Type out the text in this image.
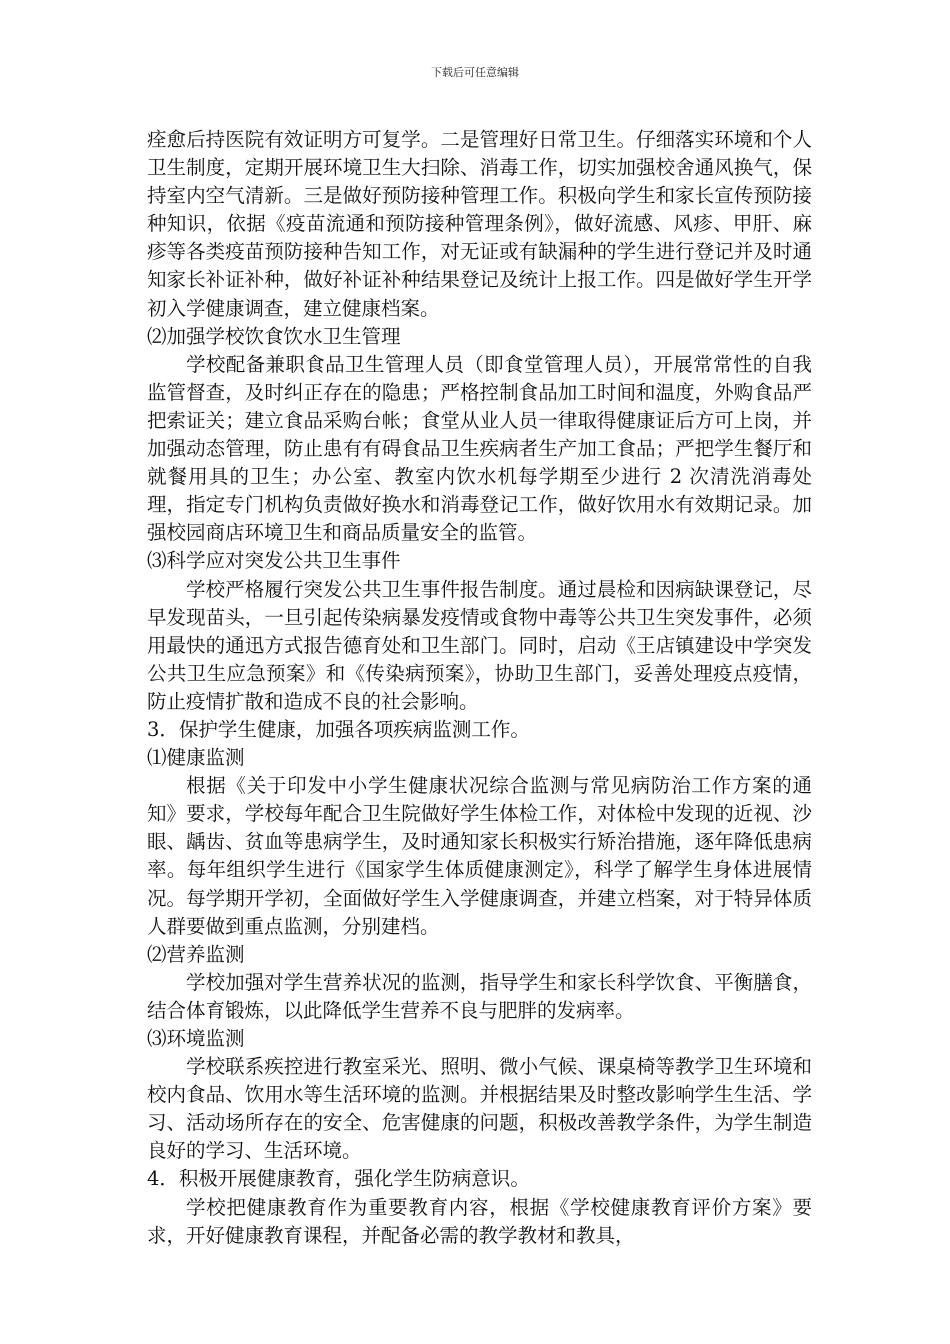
下载后可任意编辑

痊愈后持医院有效证明方可复学。二是管理好日常卫生。仔细落实环境和个人卫生制度，定期开展环境卫生大扫除、消毒工作，切实加强校舍通风换气，保持室内空气清新。三是做好预防接种管理工作。积极向学生和家长宣传预防接种知识，依据《疫苗流通和预防接种管理条例》，做好流感、风疹、甲肝、麻疹等各类疫苗预防接种告知工作，对无证或有缺漏种的学生进行登记并及时通知家长补证补种，做好补证补种结果登记及统计上报工作。四是做好学生开学初入学健康调查，建立健康档案。

⑵加强学校饮食饮水卫生管理

学校配备兼职食品卫生管理人员（即食堂管理人员），开展常常性的自我监管督查，及时纠正存在的隐患；严格控制食品加工时间和温度，外购食品严把索证关；建立食品采购台帐；食堂从业人员一律取得健康证后方可上岗，并加强动态管理，防止患有有碍食品卫生疾病者生产加工食品；严把学生餐厅和就餐用具的卫生；办公室、教室内饮水机每学期至少进行 2 次清洗消毒处理，指定专门机构负责做好换水和消毒登记工作，做好饮用水有效期记录。加强校园商店环境卫生和商品质量安全的监管。

⑶科学应对突发公共卫生事件

学校严格履行突发公共卫生事件报告制度。通过晨检和因病缺课登记，尽早发现苗头，一旦引起传染病暴发疫情或食物中毒等公共卫生突发事件，必须用最快的通迅方式报告德育处和卫生部门。同时，启动《王店镇建设中学突发公共卫生应急预案》和《传染病预案》，协助卫生部门，妥善处理疫点疫情，防止疫情扩散和造成不良的社会影响。

3．保护学生健康，加强各项疾病监测工作。

⑴健康监测

根据《关于印发中小学生健康状况综合监测与常见病防治工作方案的通知》要求，学校每年配合卫生院做好学生体检工作，对体检中发现的近视、沙眼、龋齿、贫血等患病学生，及时通知家长积极实行矫治措施，逐年降低患病率。每年组织学生进行《国家学生体质健康测定》，科学了解学生身体进展情况。每学期开学初，全面做好学生入学健康调查，并建立档案，对于特异体质人群要做到重点监测，分别建档。

⑵营养监测

学校加强对学生营养状况的监测，指导学生和家长科学饮食、平衡膳食，结合体育锻炼，以此降低学生营养不良与肥胖的发病率。

⑶环境监测

学校联系疾控进行教室采光、照明、微小气候、课桌椅等教学卫生环境和校内食品、饮用水等生活环境的监测。并根据结果及时整改影响学生生活、学习、活动场所存在的安全、危害健康的问题，积极改善教学条件，为学生制造良好的学习、生活环境。

4．积极开展健康教育，强化学生防病意识。

学校把健康教育作为重要教育内容，根据《学校健康教育评价方案》要求，开好健康教育课程，并配备必需的教学教材和教具，
